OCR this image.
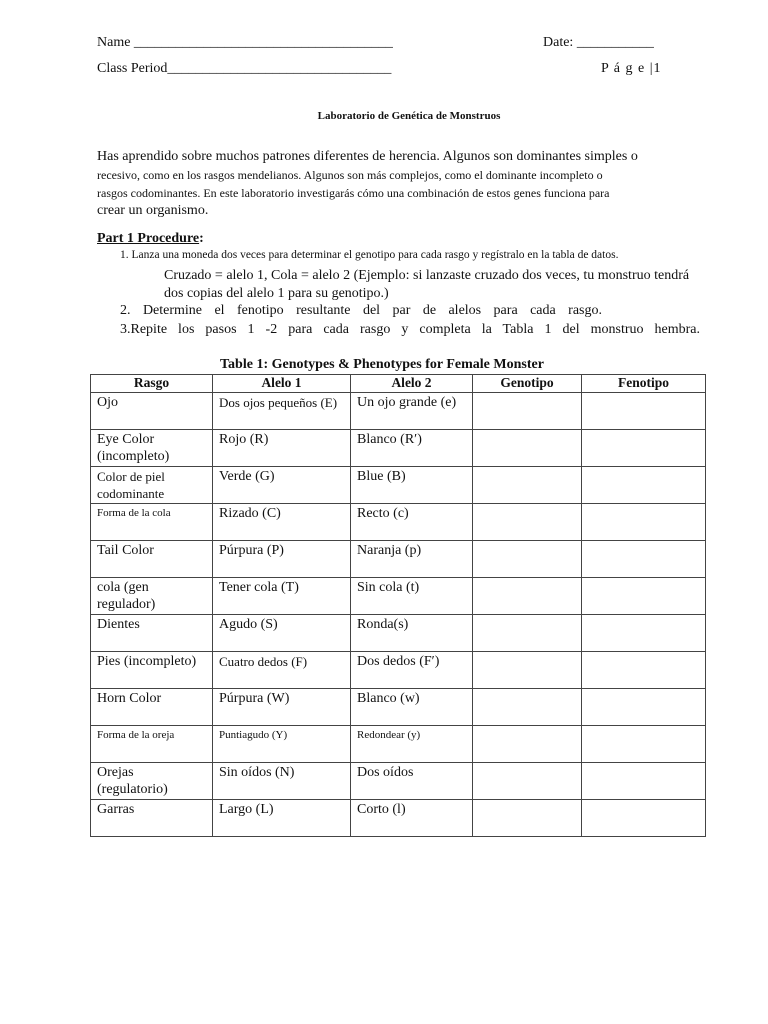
Name _____________________________________	Date: ___________
Class Period________________________________	P á g e |1
Laboratorio de Genética de Monstruos
Has aprendido sobre muchos patrones diferentes de herencia. Algunos son dominantes simples o
recesivo, como en los rasgos mendelianos. Algunos son más complejos, como el dominante incompleto o
rasgos codominantes. En este laboratorio investigarás cómo una combinación de estos genes funciona para
crear un organismo.
Part 1 Procedure:
1. Lanza una moneda dos veces para determinar el genotipo para cada rasgo y regístralo en la tabla de datos.
Cruzado = alelo 1, Cola = alelo 2 (Ejemplo: si lanzaste cruzado dos veces, tu monstruo tendrá dos copias del alelo 1 para su genotipo.)
2. Determine el fenotipo resultante del par de alelos para cada rasgo.
3.Repite los pasos 1 -2 para cada rasgo y completa la Tabla 1 del monstruo hembra.
Table 1: Genotypes & Phenotypes for Female Monster
Rasgo	Alelo 1	Alelo 2	Genotipo	Fenotipo
Ojo	Dos ojos pequeños (E)	Un ojo grande (e)		
Eye Color (incompleto)	Rojo (R)	Blanco (R′)		
Color de piel codominante	Verde (G)	Blue (B)		
Forma de la cola	Rizado (C)	Recto (c)		
Tail Color	Púrpura (P)	Naranja (p)		
cola (gen regulador)	Tener cola (T)	Sin cola (t)		
Dientes	Agudo (S)	Ronda(s)		
Pies (incompleto)	Cuatro dedos (F)	Dos dedos (F′)		
Horn Color	Púrpura (W)	Blanco (w)		
Forma de la oreja	Puntiagudo (Y)	Redondear (y)		
Orejas (regulatorio)	Sin oídos (N)	Dos oídos		
Garras	Largo (L)	Corto (l)		
